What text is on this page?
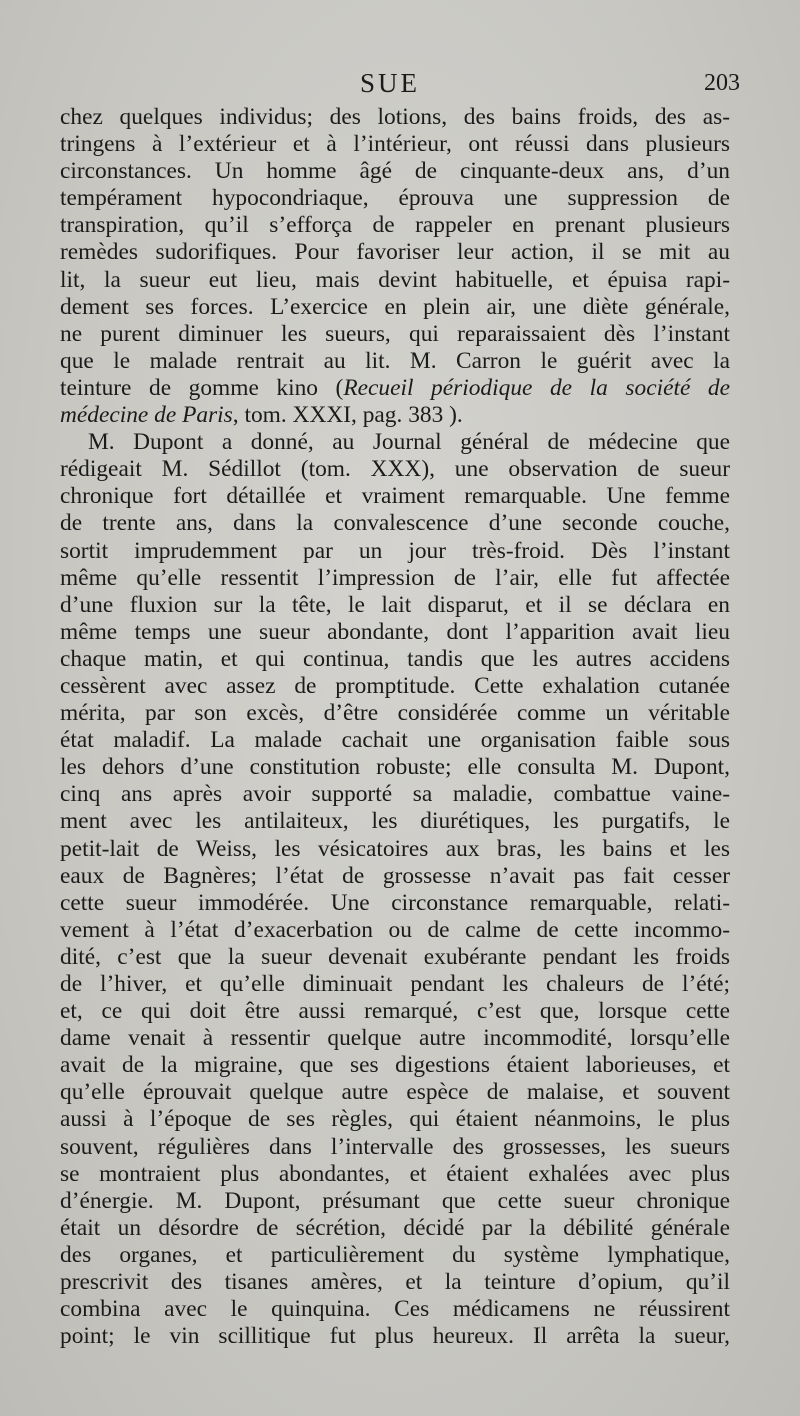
SUE	203
chez quelques individus; des lotions, des bains froids, des as-
tringens à l’extérieur et à l’intérieur, ont réussi dans plusieurs
circonstances. Un homme âgé de cinquante-deux ans, d’un
tempérament hypocondriaque, éprouva une suppression de
transpiration, qu’il s’efforça de rappeler en prenant plusieurs
remèdes sudorifiques. Pour favoriser leur action, il se mit au
lit, la sueur eut lieu, mais devint habituelle, et épuisa rapi-
dement ses forces. L’exercice en plein air, une diète générale,
ne purent diminuer les sueurs, qui reparaissaient dès l’instant
que le malade rentrait au lit. M. Carron le guérit avec la
teinture de gomme kino (Recueil périodique de la société de
médecine de Paris, tom. XXXI, pag. 383 ).
M. Dupont a donné, au Journal général de médecine que
rédigeait M. Sédillot (tom. XXX), une observation de sueur
chronique fort détaillée et vraiment remarquable. Une femme
de trente ans, dans la convalescence d’une seconde couche,
sortit imprudemment par un jour très-froid. Dès l’instant
même qu’elle ressentit l’impression de l’air, elle fut affectée
d’une fluxion sur la tête, le lait disparut, et il se déclara en
même temps une sueur abondante, dont l’apparition avait lieu
chaque matin, et qui continua, tandis que les autres accidens
cessèrent avec assez de promptitude. Cette exhalation cutanée
mérita, par son excès, d’être considérée comme un véritable
état maladif. La malade cachait une organisation faible sous
les dehors d’une constitution robuste; elle consulta M. Dupont,
cinq ans après avoir supporté sa maladie, combattue vaine-
ment avec les antilaiteux, les diurétiques, les purgatifs, le
petit-lait de Weiss, les vésicatoires aux bras, les bains et les
eaux de Bagnères; l’état de grossesse n’avait pas fait cesser
cette sueur immodérée. Une circonstance remarquable, relati-
vement à l’état d’exacerbation ou de calme de cette incommo-
dité, c’est que la sueur devenait exubérante pendant les froids
de l’hiver, et qu’elle diminuait pendant les chaleurs de l’été;
et, ce qui doit être aussi remarqué, c’est que, lorsque cette
dame venait à ressentir quelque autre incommodité, lorsqu’elle
avait de la migraine, que ses digestions étaient laborieuses, et
qu’elle éprouvait quelque autre espèce de malaise, et souvent
aussi à l’époque de ses règles, qui étaient néanmoins, le plus
souvent, régulières dans l’intervalle des grossesses, les sueurs
se montraient plus abondantes, et étaient exhalées avec plus
d’énergie. M. Dupont, présumant que cette sueur chronique
était un désordre de sécrétion, décidé par la débilité générale
des organes, et particulièrement du système lymphatique,
prescrivit des tisanes amères, et la teinture d’opium, qu’il
combina avec le quinquina. Ces médicamens ne réussirent
point; le vin scillitique fut plus heureux. Il arrêta la sueur,
